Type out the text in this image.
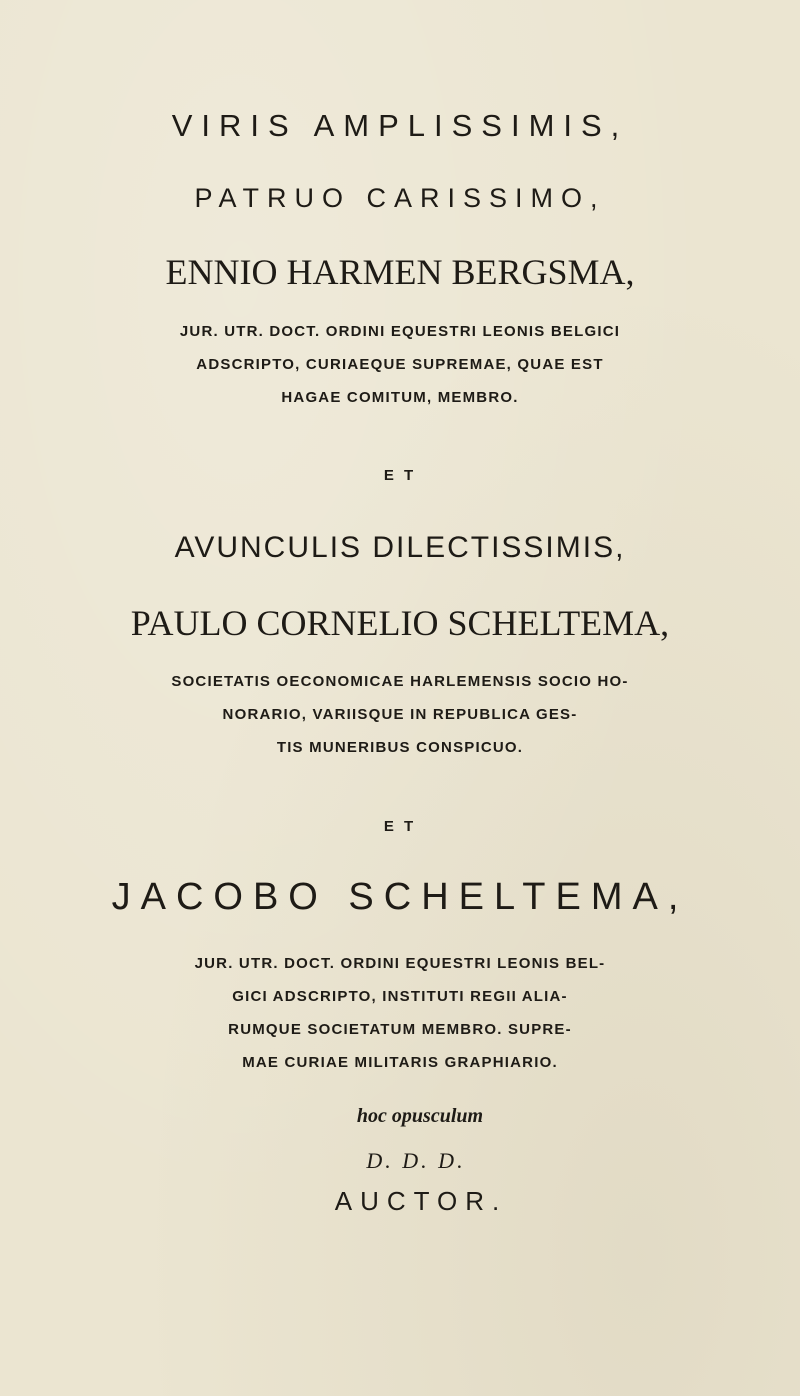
VIRIS AMPLISSIMIS,

PATRUO CARISSIMO,

ENNIO HARMEN BERGSMA,

JUR. UTR. DOCT. ORDINI EQUESTRI LEONIS BELGICI

ADSCRIPTO, CURIAEQUE SUPREMAE, QUAE EST

HAGAE COMITUM, MEMBRO.

E T

AVUNCULIS DILECTISSIMIS,

PAULO CORNELIO SCHELTEMA,

SOCIETATIS OECONOMICAE HARLEMENSIS SOCIO HO-

NORARIO, VARIISQUE IN REPUBLICA GES-

TIS MUNERIBUS CONSPICUO.

E T

JACOBO SCHELTEMA,

JUR. UTR. DOCT. ORDINI EQUESTRI LEONIS BEL-

GICI ADSCRIPTO, INSTITUTI REGII ALIA-

RUMQUE SOCIETATUM MEMBRO. SUPRE-

MAE CURIAE MILITARIS GRAPHIARIO.

hoc opusculum

D. D. D.

AUCTOR.
